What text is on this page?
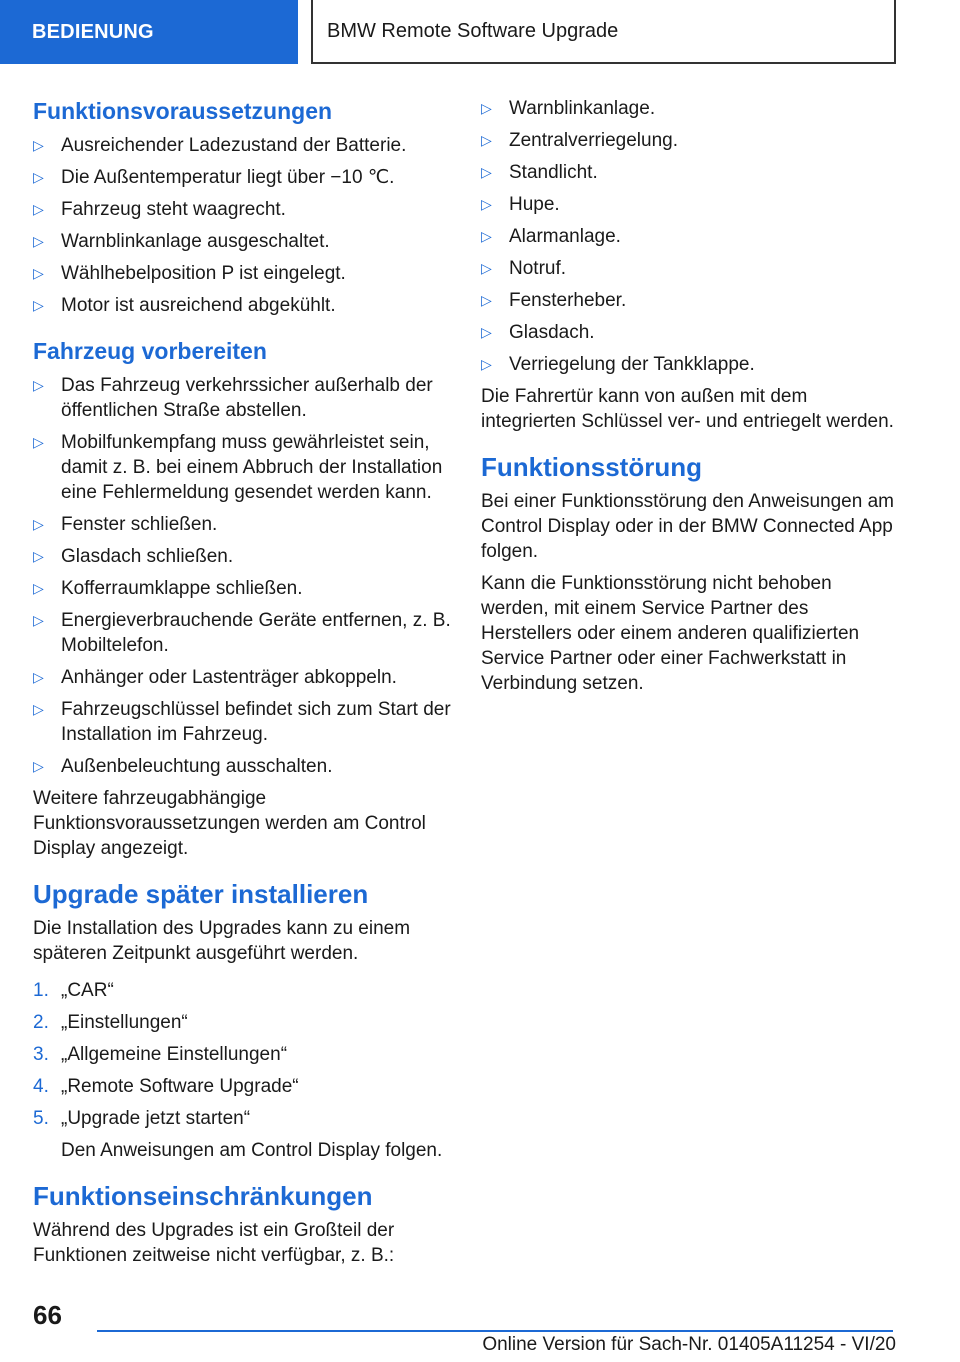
BEDIENUNG	BMW Remote Software Upgrade
Funktionsvoraussetzungen
▷ Ausreichender Ladezustand der Batterie.
▷ Die Außentemperatur liegt über −10 ℃.
▷ Fahrzeug steht waagrecht.
▷ Warnblinkanlage ausgeschaltet.
▷ Wählhebelposition P ist eingelegt.
▷ Motor ist ausreichend abgekühlt.
Fahrzeug vorbereiten
▷ Das Fahrzeug verkehrssicher außerhalb der öffentlichen Straße abstellen.
▷ Mobilfunkempfang muss gewährleistet sein, damit z. B. bei einem Abbruch der Installation eine Fehlermeldung gesendet werden kann.
▷ Fenster schließen.
▷ Glasdach schließen.
▷ Kofferraumklappe schließen.
▷ Energieverbrauchende Geräte entfernen, z. B. Mobiltelefon.
▷ Anhänger oder Lastenträger abkoppeln.
▷ Fahrzeugschlüssel befindet sich zum Start der Installation im Fahrzeug.
▷ Außenbeleuchtung ausschalten.

Weitere fahrzeugabhängige Funktionsvoraussetzungen werden am Control Display angezeigt.

Upgrade später installieren

Die Installation des Upgrades kann zu einem späteren Zeitpunkt ausgeführt werden.

1. „CAR“
2. „Einstellungen“
3. „Allgemeine Einstellungen“
4. „Remote Software Upgrade“
5. „Upgrade jetzt starten“
Den Anweisungen am Control Display folgen.
Funktionseinschränkungen

Während des Upgrades ist ein Großteil der Funktionen zeitweise nicht verfügbar, z. B.:

▷ Warnblinkanlage.
▷ Zentralverriegelung.
▷ Standlicht.
▷ Hupe.
▷ Alarmanlage.
▷ Notruf.
▷ Fensterheber.
▷ Glasdach.
▷ Verriegelung der Tankklappe.

Die Fahrertür kann von außen mit dem integrierten Schlüssel ver- und entriegelt werden.

Funktionsstörung

Bei einer Funktionsstörung den Anweisungen am Control Display oder in der BMW Connected App folgen.

Kann die Funktionsstörung nicht behoben werden, mit einem Service Partner des Herstellers oder einem anderen qualifizierten Service Partner oder einer Fachwerkstatt in Verbindung setzen.

66
Online Version für Sach-Nr. 01405A11254 - VI/20
